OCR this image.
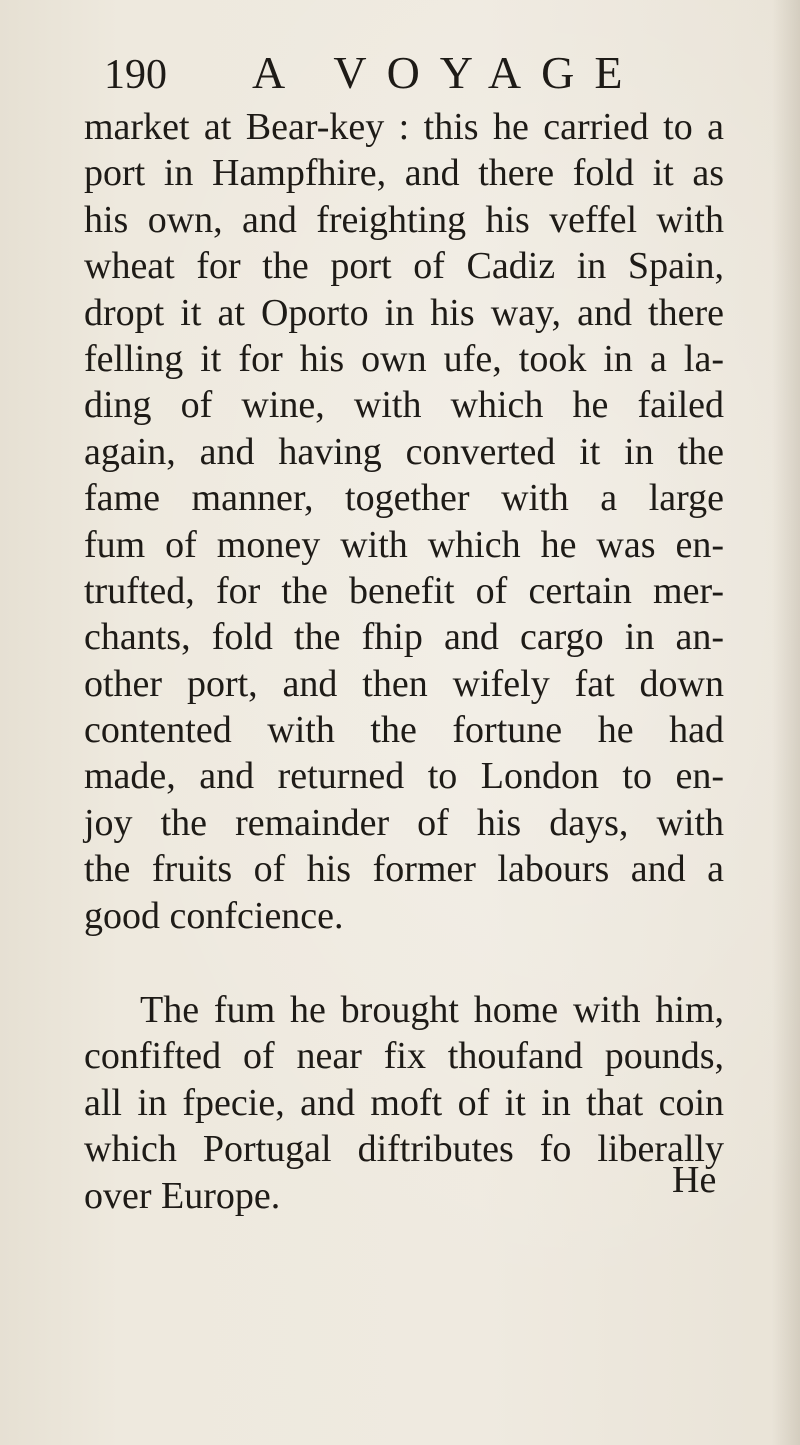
190 A VOYAGE
market at Bear-key : this he carried to a
port in Hampfhire, and there fold it as
his own, and freighting his veffel with
wheat for the port of Cadiz in Spain,
dropt it at Oporto in his way, and there
felling it for his own ufe, took in a la-
ding of wine, with which he failed
again, and having converted it in the
fame manner, together with a large
fum of money with which he was en-
trufted, for the benefit of certain mer-
chants, fold the fhip and cargo in an-
other port, and then wifely fat down
contented with the fortune he had
made, and returned to London to en-
joy the remainder of his days, with
the fruits of his former labours and a
good confcience.
The fum he brought home with him,
confifted of near fix thoufand pounds,
all in fpecie, and moft of it in that coin
which Portugal diftributes fo liberally
over Europe.	He
